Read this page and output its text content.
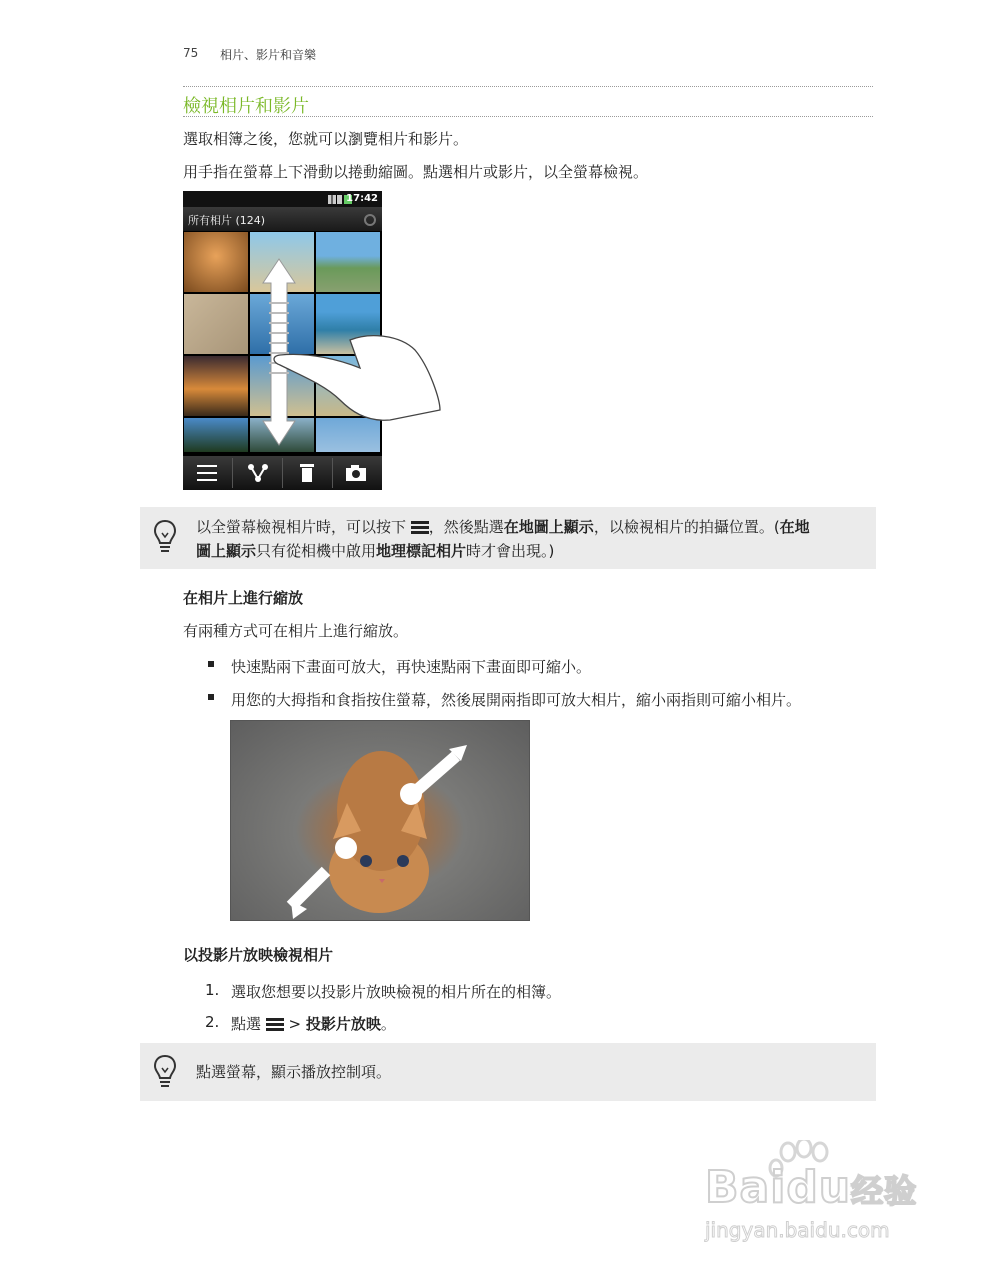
75 相片、影片和音樂
檢視相片和影片
選取相簿之後，您就可以瀏覽相片和影片。
用手指在螢幕上下滑動以捲動縮圖。點選相片或影片，以全螢幕檢視。
17:42
所有相片 (124)
以全螢幕檢視相片時，可以按下
，然後點選在地圖上顯示，以檢視相片的拍攝位置。(在地
圖上顯示只有從相機中啟用地理標記相片時才會出現。)
在相片上進行縮放
有兩種方式可在相片上進行縮放。
快速點兩下畫面可放大，再快速點兩下畫面即可縮小。
用您的大拇指和食指按住螢幕，然後展開兩指即可放大相片，縮小兩指則可縮小相片。
以投影片放映檢視相片
1. 選取您想要以投影片放映檢視的相片所在的相簿。
2. 點選
> 投影片放映。
點選螢幕，顯示播放控制項。
Baidu经验
jingyan.baidu.com
